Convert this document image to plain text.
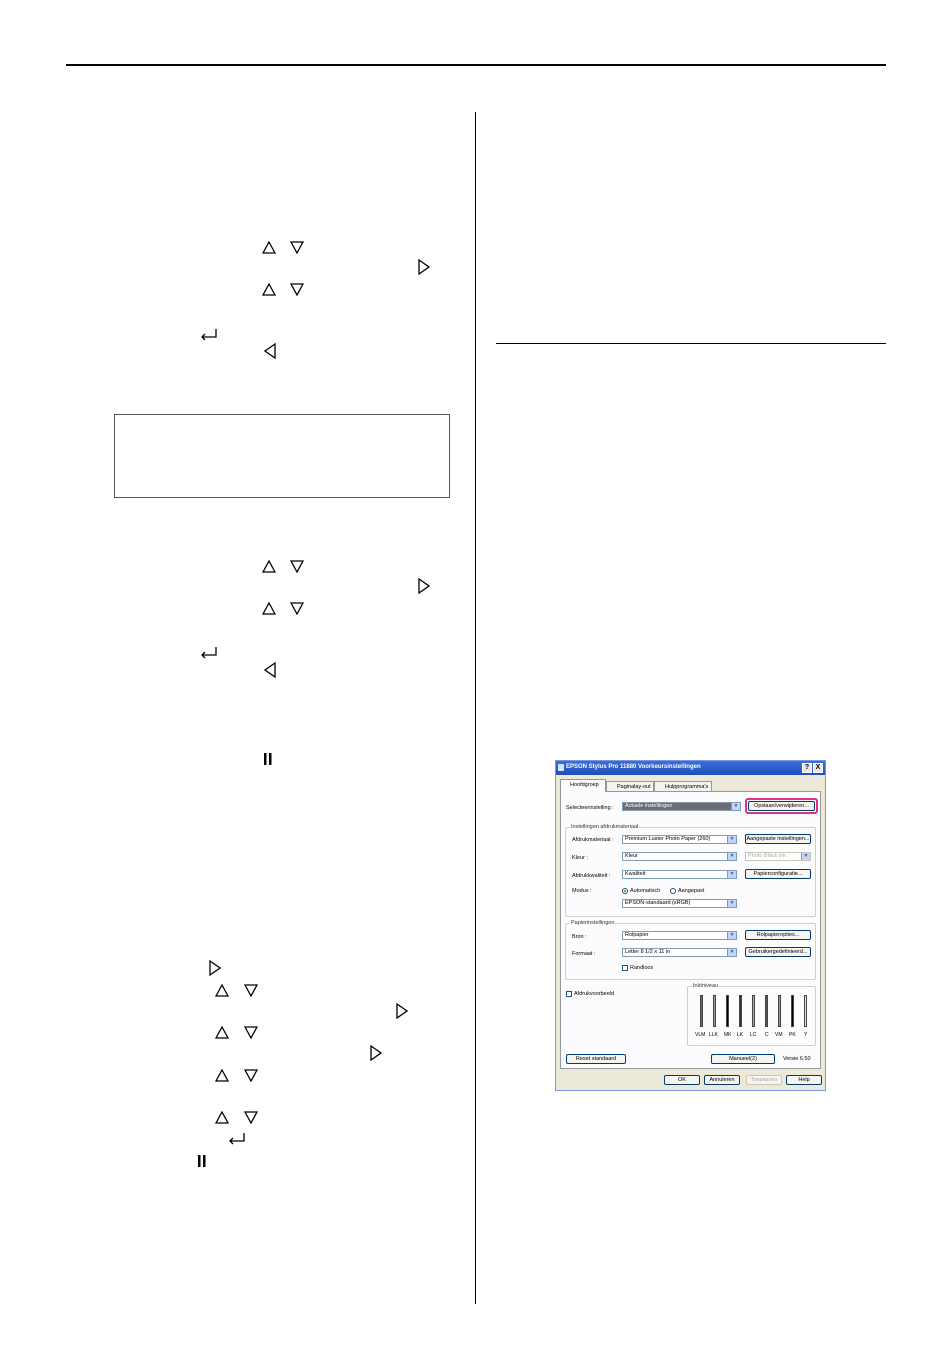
EPSON Stylus Pro 11880 Voorkeursinstellingen	? X
Hoofdgroep	Paginalay-out	Hulpprogramma's
Selecteerinstelling :	Actuele instellingen	▼	Opslaan/verwijderen...
Instellingen afdrukmateriaal
Afdrukmateriaal :	Premium Luster Photo Paper (260)	▼ Aangepaste instellingen...
Kleur :	Kleur	▼	Photo Black ink	▼
Afdrukkwaliteit :	Kwaliteit	▼	Papierconfiguratie...
Modus :	Automatisch	Aangepast
EPSON-standaard (sRGB)	▼
Papierinstellingen
Bron :	Rolpapier	▼	Rolpapieropties...
Formaat :	Letter 8 1/2 x 11 in	▼	Gebruikergedefinieerd...
Randloos
Afdrukvoorbeeld
Inktniveau
VLM LLK MK LK LC C VM PK Y
Reset standaard	Manueel(2)	Versie 6.50
OK	Annuleren	Toepassen	Help
